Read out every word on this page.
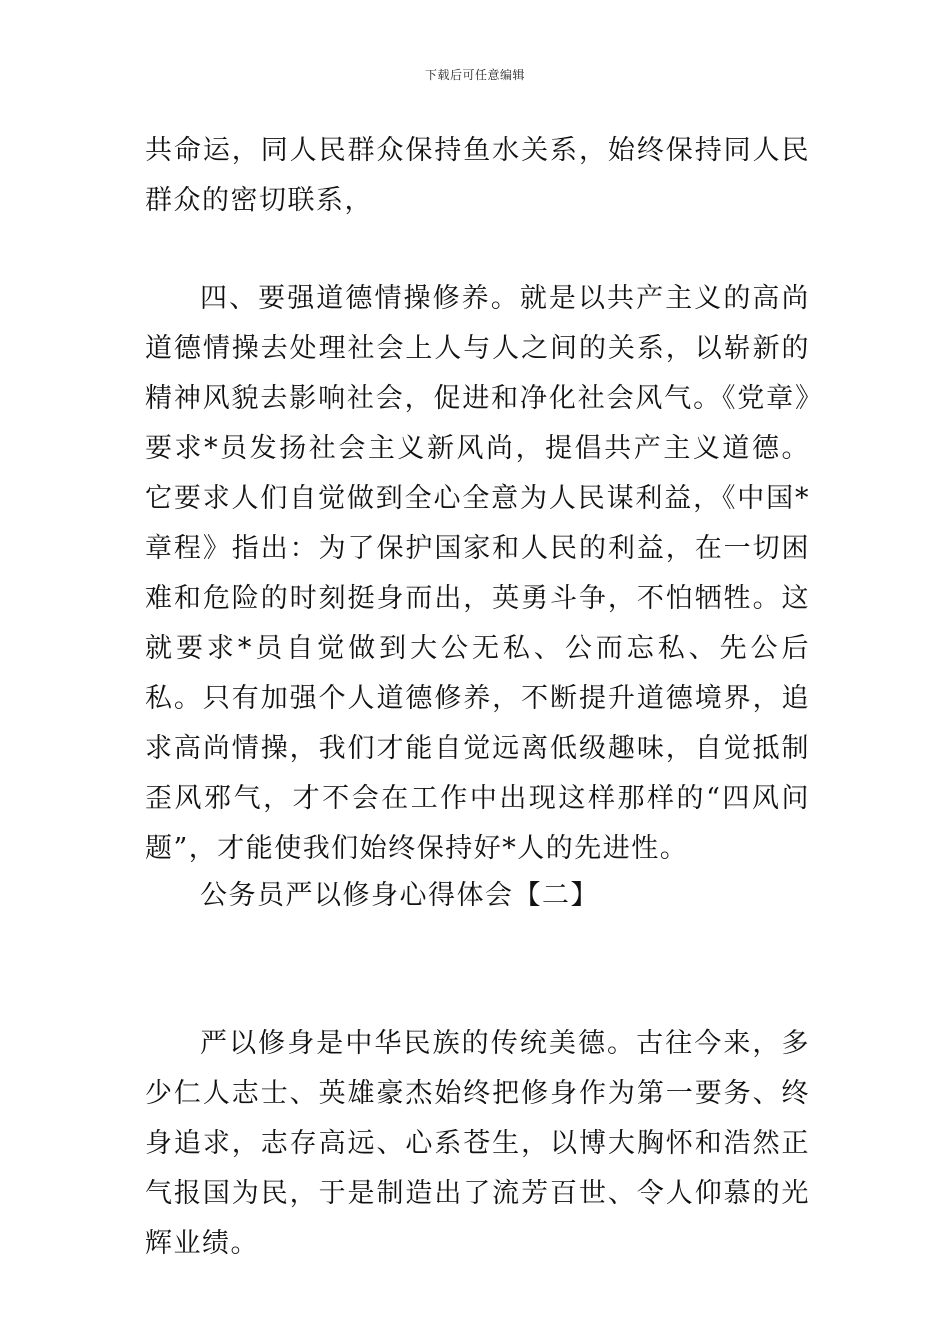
下载后可任意编辑

共命运，同人民群众保持鱼水关系，始终保持同人民群众的密切联系，

四、要强道德情操修养。就是以共产主义的高尚道德情操去处理社会上人与人之间的关系，以崭新的精神风貌去影响社会，促进和净化社会风气。《党章》要求*员发扬社会主义新风尚，提倡共产主义道德。它要求人们自觉做到全心全意为人民谋利益，《中国*章程》指出：为了保护国家和人民的利益，在一切困难和危险的时刻挺身而出，英勇斗争，不怕牺牲。这就要求*员自觉做到大公无私、公而忘私、先公后私。只有加强个人道德修养，不断提升道德境界，追求高尚情操，我们才能自觉远离低级趣味，自觉抵制歪风邪气，才不会在工作中出现这样那样的“四风问题”，才能使我们始终保持好*人的先进性。

公务员严以修身心得体会【二】

严以修身是中华民族的传统美德。古往今来，多少仁人志士、英雄豪杰始终把修身作为第一要务、终身追求，志存高远、心系苍生，以博大胸怀和浩然正气报国为民，于是制造出了流芳百世、令人仰慕的光辉业绩。
